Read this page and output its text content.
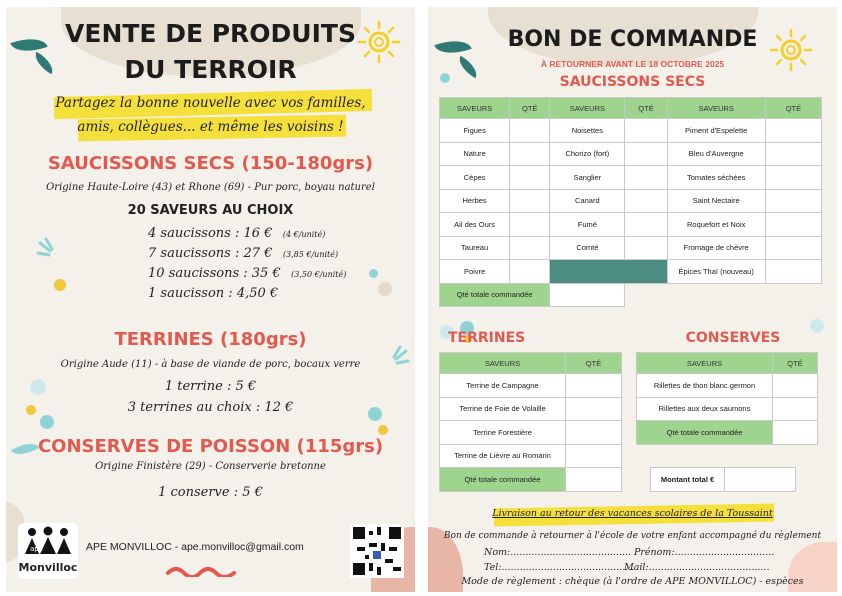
VENTE DE PRODUITS
DU TERROIR
Partagez la bonne nouvelle avec vos familles,
amis, collègues... et même les voisins !
SAUCISSONS SECS (150-180grs)
Origine Haute-Loire (43) et Rhone (69) - Pur porc, boyau naturel
20 SAVEURS AU CHOIX
4 saucissons : 16 € (4 €/unité)
7 saucissons : 27 € (3,85 €/unité)
10 saucissons : 35 € (3,50 €/unité)
1 saucisson : 4,50 €
TERRINES (180grs)
Origine Aude (11) - à base de viande de porc, bocaux verre
1 terrine : 5 €
3 terrines au choix : 12 €
CONSERVES DE POISSON (115grs)
Origine Finistère (29) - Conserverie bretonne
1 conserve : 5 €
ape
Monvilloc
APE MONVILLOC - ape.monvilloc@gmail.com
BON DE COMMANDE
À RETOURNER AVANT LE 18 OCTOBRE 2025
SAUCISSONS SECS
SAVEURS	QTÉ	SAVEURS	QTÉ	SAVEURS	QTÉ
Figues		Noisettes		Piment d'Espelette	
Nature		Chorizo (fort)		Bleu d'Auvergne	
Cèpes		Sanglier		Tomates séchées	
Herbes		Canard		Saint Nectaire	
Ail des Ours		Fumé		Roquefort et Noix	
Taureau		Comté		Fromage de chèvre	
Poivre				Épices Thaï (nouveau)	
Qté totale commandée					
TERRINES
SAVEURS	QTÉ
Terrine de Campagne	
Terrine de Foie de Volaille	
Terrine Forestière	
Terrine de Lièvre au Romarin	
Qté totale commandée	
CONSERVES
SAVEURS	QTÉ
Rillettes de thon blanc germon	
Rillettes aux deux saumons	
Qté totale commandée	
Montant total €	
Livraison au retour des vacances scolaires de la Toussaint
Bon de commande à retourner à l'école de votre enfant accompagné du règlement
Nom:........................................ Prénom:.................................
Tel:............................................
Mail:........................................
Mode de règlement : chèque (à l'ordre de APE MONVILLOC) - espèces
